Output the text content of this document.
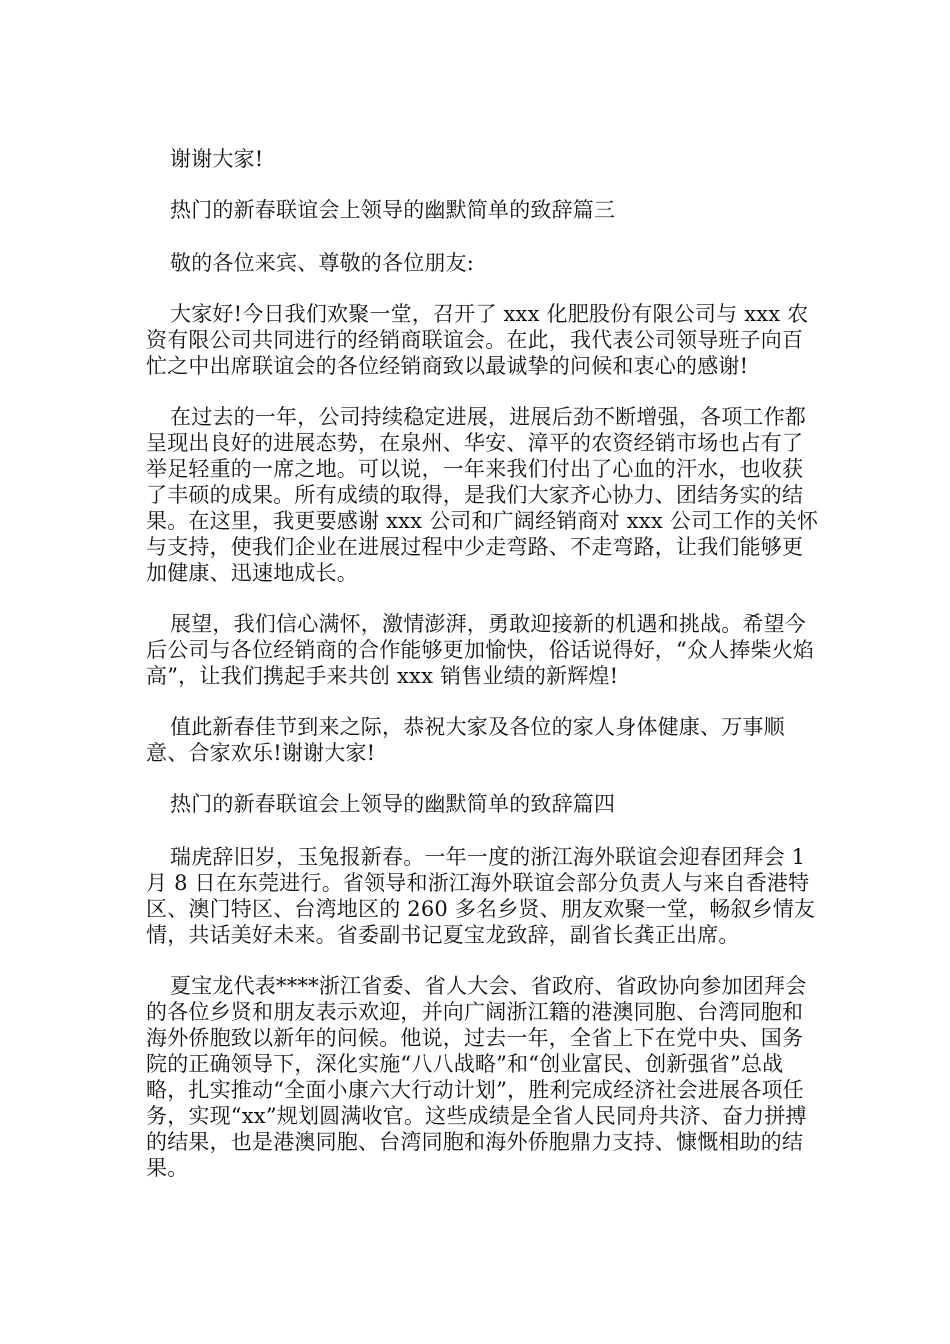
谢谢大家!

热门的新春联谊会上领导的幽默简单的致辞篇三

敬的各位来宾、尊敬的各位朋友:

大家好!今日我们欢聚一堂，召开了 xxx 化肥股份有限公司与 xxx 农资有限公司共同进行的经销商联谊会。在此，我代表公司领导班子向百忙之中出席联谊会的各位经销商致以最诚挚的问候和衷心的感谢!

在过去的一年，公司持续稳定进展，进展后劲不断增强，各项工作都呈现出良好的进展态势，在泉州、华安、漳平的农资经销市场也占有了举足轻重的一席之地。可以说，一年来我们付出了心血的汗水，也收获了丰硕的成果。所有成绩的取得，是我们大家齐心协力、团结务实的结果。在这里，我更要感谢 xxx 公司和广阔经销商对 xxx 公司工作的关怀与支持，使我们企业在进展过程中少走弯路、不走弯路，让我们能够更加健康、迅速地成长。

展望，我们信心满怀，激情澎湃，勇敢迎接新的机遇和挑战。希望今后公司与各位经销商的合作能够更加愉快，俗话说得好，“众人捧柴火焰高”，让我们携起手来共创 xxx 销售业绩的新辉煌!

值此新春佳节到来之际，恭祝大家及各位的家人身体健康、万事顺意、合家欢乐!谢谢大家!

热门的新春联谊会上领导的幽默简单的致辞篇四

瑞虎辞旧岁，玉兔报新春。一年一度的浙江海外联谊会迎春团拜会 1 月 8 日在东莞进行。省领导和浙江海外联谊会部分负责人与来自香港特区、澳门特区、台湾地区的 260 多名乡贤、朋友欢聚一堂，畅叙乡情友情，共话美好未来。省委副书记夏宝龙致辞，副省长龚正出席。

夏宝龙代表****浙江省委、省人大会、省政府、省政协向参加团拜会的各位乡贤和朋友表示欢迎，并向广阔浙江籍的港澳同胞、台湾同胞和海外侨胞致以新年的问候。他说，过去一年，全省上下在党中央、国务院的正确领导下，深化实施“八八战略”和“创业富民、创新强省”总战略，扎实推动“全面小康六大行动计划”，胜利完成经济社会进展各项任务，实现“xx”规划圆满收官。这些成绩是全省人民同舟共济、奋力拼搏的结果，也是港澳同胞、台湾同胞和海外侨胞鼎力支持、慷慨相助的结果。
